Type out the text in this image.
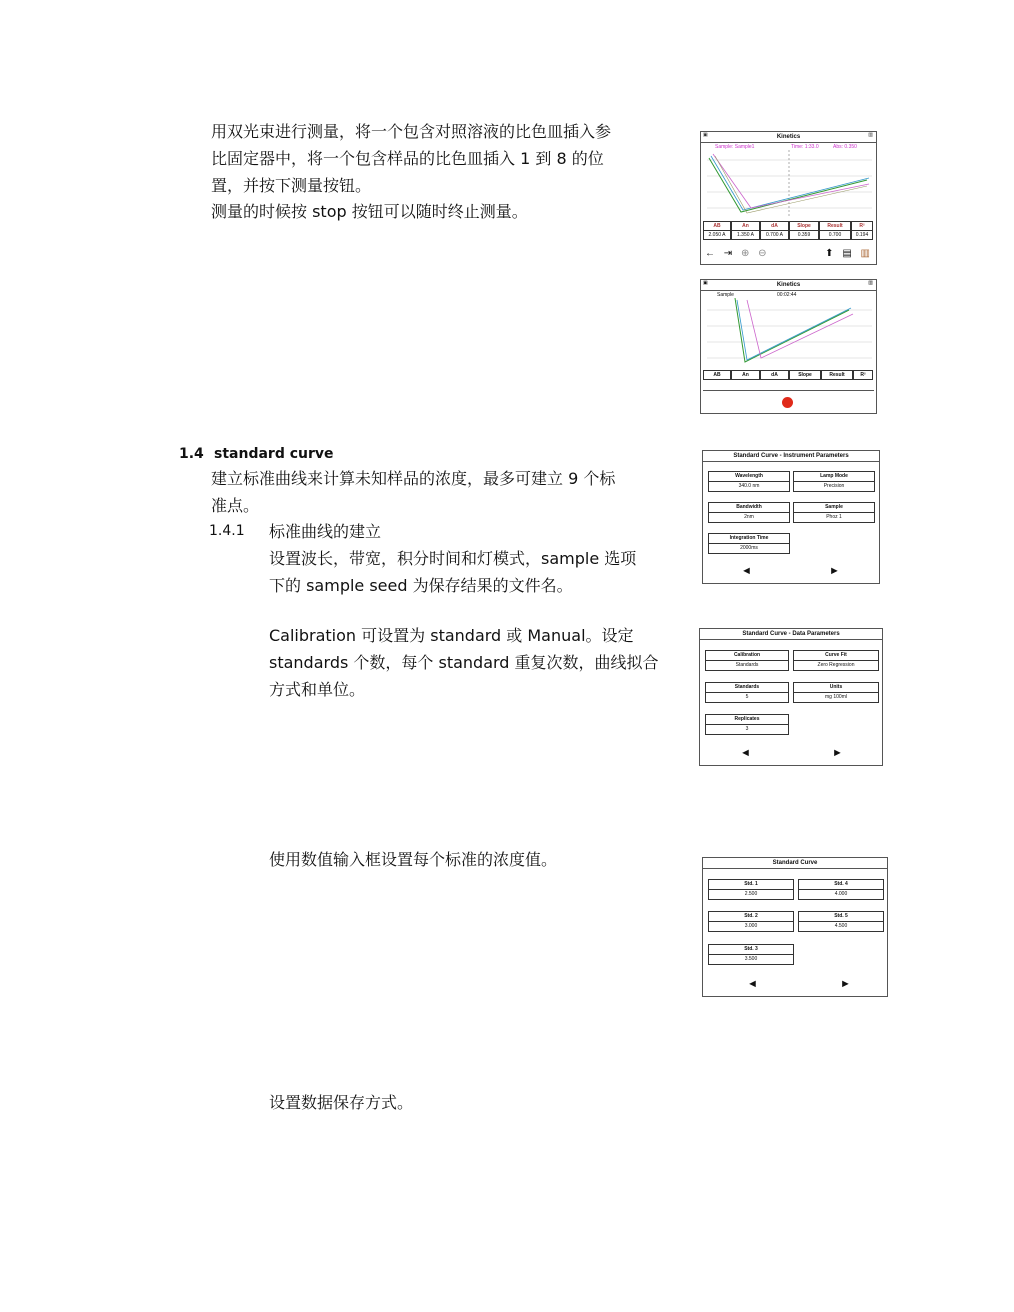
用双光束进行测量，将一个包含对照溶液的比色皿插入参
比固定器中，将一个包含样品的比色皿插入 1 到 8 的位
置，并按下测量按钮。
测量的时候按 stop 按钮可以随时终止测量。
1.4 standard curve
建立标准曲线来计算未知样品的浓度，最多可建立 9 个标
准点。
1.4.1 标准曲线的建立
设置波长，带宽，积分时间和灯模式，sample 选项
下的 sample seed 为保存结果的文件名。
Calibration 可设置为 standard 或 Manual。设定
standards 个数，每个 standard 重复次数，曲线拟合
方式和单位。
使用数值输入框设置每个标准的浓度值。
设置数据保存方式。
Kinetics
▣	▥
Sample: Sample1	Time: 1:33.0	Abs: 0.350
AB	An	dA	Slope	Result	R²
2.050 A	1.350 A	0.700 A	0.359	0.700	0.194
← ⇥ ⊕ ⊖	⬆ ▤ ▥
Kinetics
▣	▥
Sample	00:02:44
AB	An	dA	Slope	Result	R²
Standard Curve - Instrument Parameters
Wavelength
340.0 nm
Lamp Mode
Precision
Bandwidth
2nm
Sample
Phoz 1
Integration Time
2000ms
◄	►
Standard Curve - Data Parameters
Calibration
Standards
Curve Fit
Zero Regression
Standards
5
Units
mg 100ml
Replicates
3
◄	►
Standard Curve
Std. 1
2.500
Std. 4
4.000
Std. 2
3.000
Std. 5
4.500
Std. 3
3.500
◄	►
